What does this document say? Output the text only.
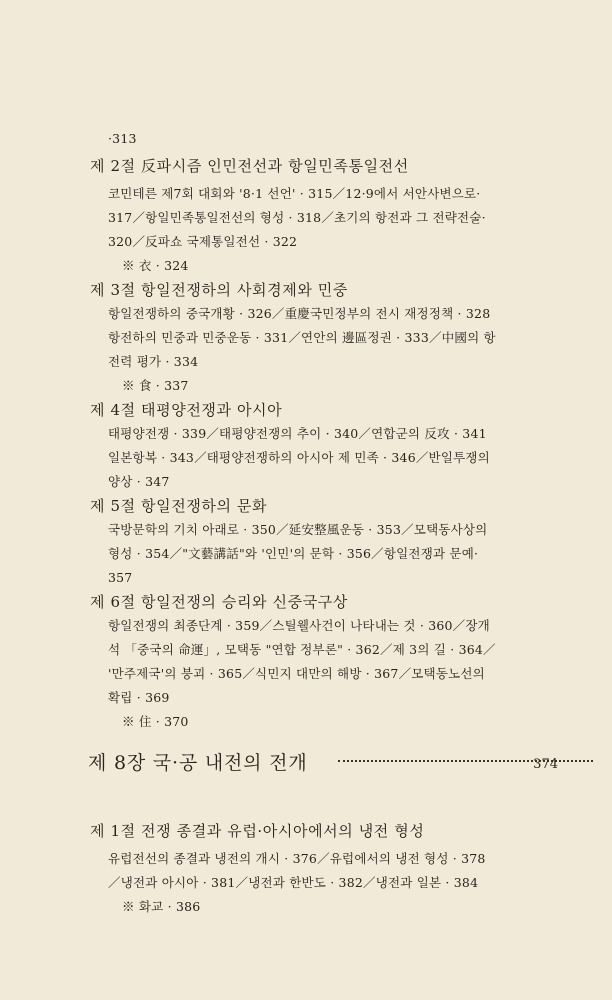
·313
제 2절 反파시즘 인민전선과 항일민족통일전선
코민테른 제7회 대회와 '8·1 선언' · 315／12·9에서 서안사변으로·
317／항일민족통일전선의 형성 · 318／초기의 항전과 그 전략전술·
320／反파쇼 국제통일전선 · 322
※ 衣 · 324
제 3절 항일전쟁하의 사회경제와 민중
항일전쟁하의 중국개황 · 326／重慶국민정부의 전시 재정정책 · 328
항전하의 민중과 민중운동 · 331／연안의 邊區정권 · 333／中國의 항
전력 평가 · 334
※ 食 · 337
제 4절 태평양전쟁과 아시아
태평양전쟁 · 339／태평양전쟁의 추이 · 340／연합군의 反攻 · 341
일본항복 · 343／태평양전쟁하의 아시아 제 민족 · 346／반일투쟁의
양상 · 347
제 5절 항일전쟁하의 문화
국방문학의 기치 아래로 · 350／延安整風운동 · 353／모택동사상의
형성 · 354／"文藝講話"와 '인민'의 문학 · 356／항일전쟁과 문예·
357
제 6절 항일전쟁의 승리와 신중국구상
항일전쟁의 최종단계 · 359／스틸웰사건이 나타내는 것 · 360／장개
석 「중국의 命運」, 모택동 "연합 정부론" · 362／제 3의 길 · 364／
'만주제국'의 붕괴 · 365／식민지 대만의 해방 · 367／모택동노선의
확립 · 369
※ 住 · 370
제 1절 전쟁 종결과 유럽·아시아에서의 냉전 형성
유럽전선의 종결과 냉전의 개시 · 376／유럽에서의 냉전 형성 · 378
／냉전과 아시아 · 381／냉전과 한반도 · 382／냉전과 일본 · 384
※ 화교 · 386
제 8장 국·공 내전의 전개	374
